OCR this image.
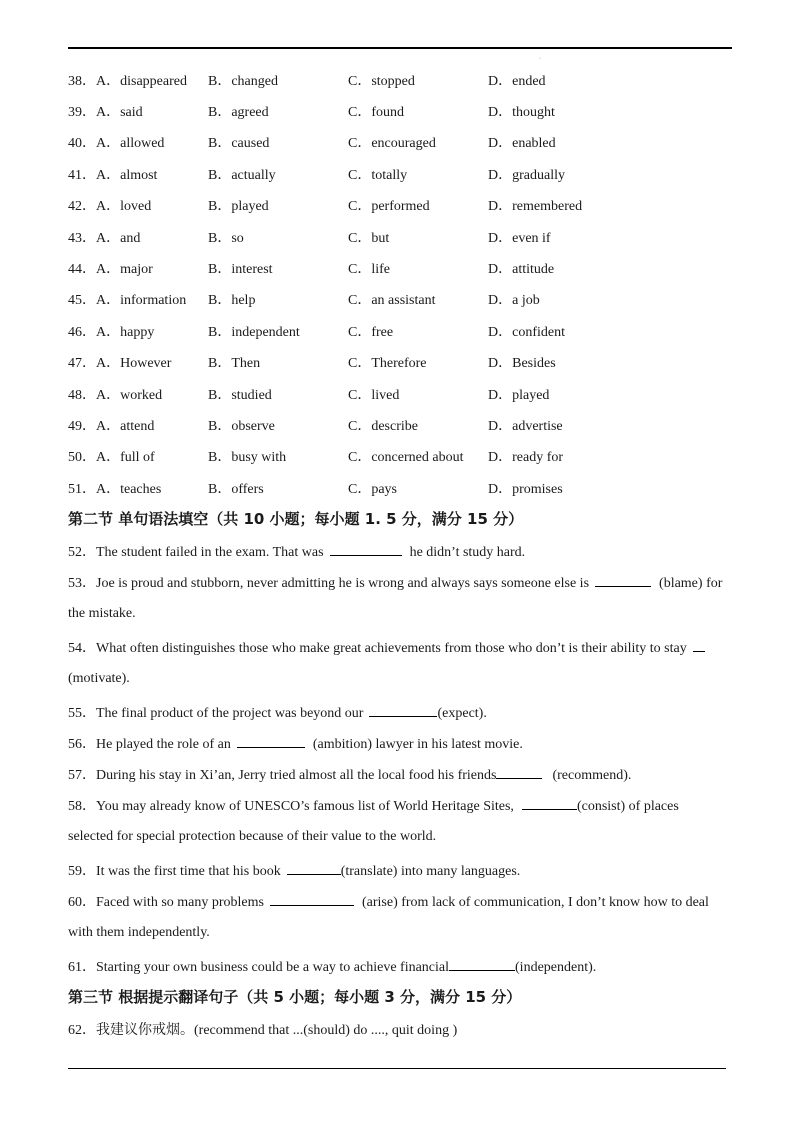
·
38． A．disappeared	B．changed	C．stopped	D．ended
39． A．said	B．agreed	C．found	D．thought
40． A．allowed	B．caused	C．encouraged	D．enabled
41． A．almost	B．actually	C．totally	D．gradually
42． A．loved	B．played	C．performed	D．remembered
43． A．and	B．so	C．but	D．even if
44． A．major	B．interest	C．life	D．attitude
45． A．information	B．help	C．an assistant	D．a job
46． A．happy	B．independent	C．free	D．confident
47． A．However	B．Then	C．Therefore	D．Besides
48． A．worked	B．studied	C．lived	D．played
49． A．attend	B．observe	C．describe	D．advertise
50． A．full of	B．busy with	C．concerned about	D．ready for
51． A．teaches	B．offers	C．pays	D．promises
第二节 单句语法填空（共 10 小题；每小题 1. 5 分，满分 15 分）
52．The student failed in the exam. That was	he didn’t study hard.
53．Joe is proud and stubborn, never admitting he is wrong and always says someone else is	(blame) for
the mistake.
54．What often distinguishes those who make great achievements from those who don’t is their ability to stay
(motivate).
55．The final product of the project was beyond our	(expect).
56．He played the role of an	(ambition) lawyer in his latest movie.
57．During his stay in Xi’an, Jerry tried almost all the local food his friends	(recommend).
58．You may already know of UNESCO’s famous list of World Heritage Sites,	(consist) of places
selected for special protection because of their value to the world.
59．It was the first time that his book	(translate) into many languages.
60．Faced with so many problems	(arise) from lack of communication, I don’t know how to deal
with them independently.
61．Starting your own business could be a way to achieve financial	(independent).
第三节 根据提示翻译句子（共 5 小题；每小题 3 分，满分 15 分）
62．我建议你戒烟。(recommend that ...(should) do ...., quit doing )
